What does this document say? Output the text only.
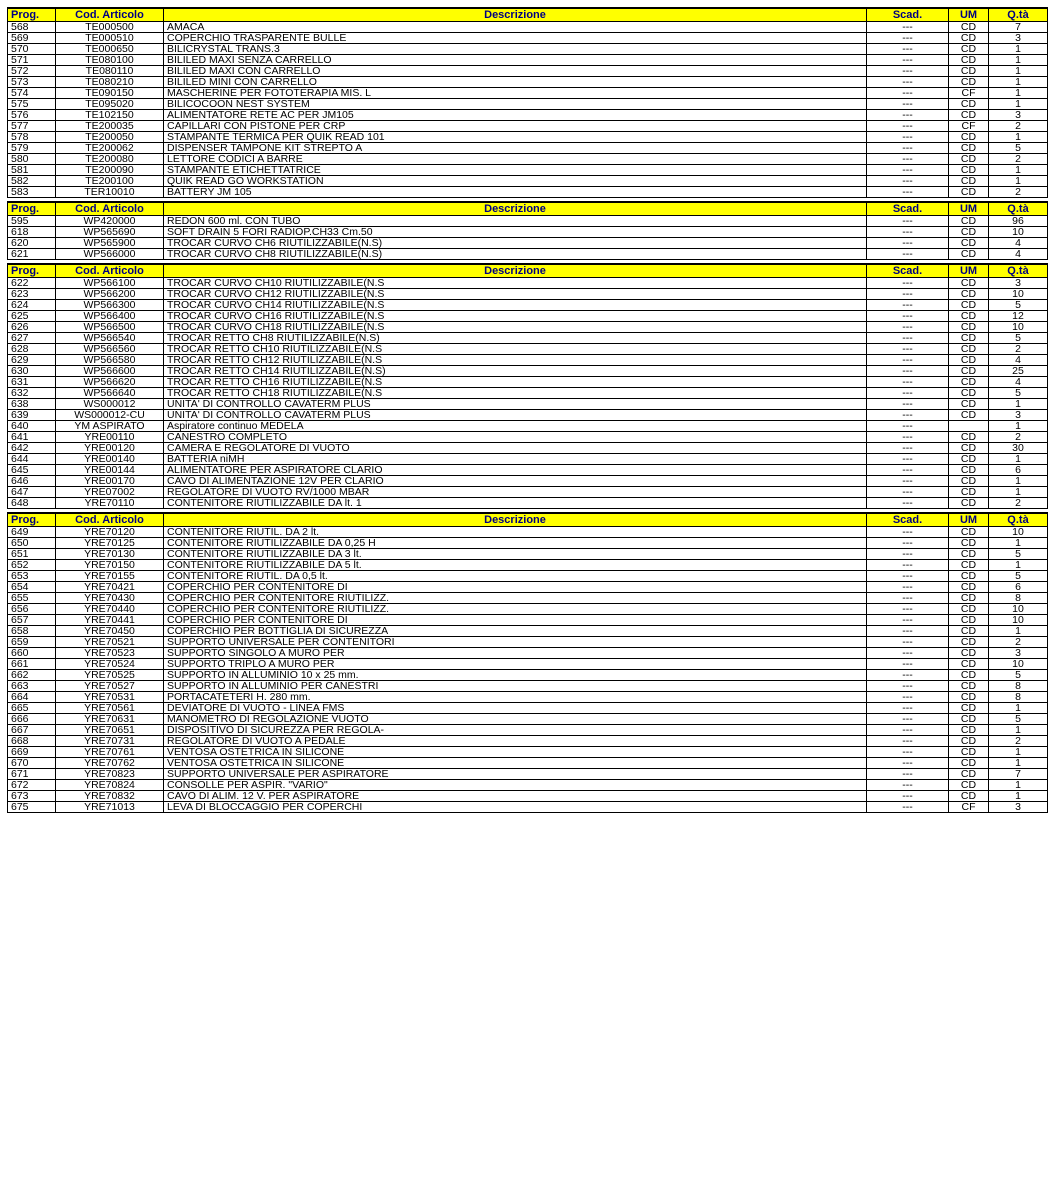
Prog.	Cod. Articolo	Descrizione	Scad.	UM	Q.tà
568	TE000500	AMACA	---	CD	7
569	TE000510	COPERCHIO TRASPARENTE BULLE	---	CD	3
570	TE000650	BILICRYSTAL TRANS.3	---	CD	1
571	TE080100	BILILED MAXI SENZA CARRELLO	---	CD	1
572	TE080110	BILILED MAXI CON CARRELLO	---	CD	1
573	TE080210	BILILED MINI CON CARRELLO	---	CD	1
574	TE090150	MASCHERINE PER FOTOTERAPIA MIS. L	---	CF	1
575	TE095020	BILICOCOON NEST SYSTEM	---	CD	1
576	TE102150	ALIMENTATORE RETE AC PER JM105	---	CD	3
577	TE200035	CAPILLARI CON PISTONE PER CRP	---	CF	2
578	TE200050	STAMPANTE TERMICA PER QUIK READ 101	---	CD	1
579	TE200062	DISPENSER TAMPONE KIT STREPTO A	---	CD	5
580	TE200080	LETTORE CODICI A BARRE	---	CD	2
581	TE200090	STAMPANTE ETICHETTATRICE	---	CD	1
582	TE200100	QUIK READ GO WORKSTATION	---	CD	1
583	TER10010	BATTERY JM 105	---	CD	2
Prog.	Cod. Articolo	Descrizione	Scad.	UM	Q.tà
595	WP420000	REDON 600 ml. CON TUBO	---	CD	96
618	WP565690	SOFT DRAIN 5 FORI RADIOP.CH33 Cm.50	---	CD	10
620	WP565900	TROCAR CURVO CH6 RIUTILIZZABILE(N.S)	---	CD	4
621	WP566000	TROCAR CURVO CH8 RIUTILIZZABILE(N.S)	---	CD	4
Prog.	Cod. Articolo	Descrizione	Scad.	UM	Q.tà
622	WP566100	TROCAR CURVO CH10 RIUTILIZZABILE(N.S	---	CD	3
623	WP566200	TROCAR CURVO CH12 RIUTILIZZABILE(N.S	---	CD	10
624	WP566300	TROCAR CURVO CH14 RIUTILIZZABILE(N.S	---	CD	5
625	WP566400	TROCAR CURVO CH16 RIUTILIZZABILE(N.S	---	CD	12
626	WP566500	TROCAR CURVO CH18 RIUTILIZZABILE(N.S	---	CD	10
627	WP566540	TROCAR RETTO CH8 RIUTILIZZABILE(N.S)	---	CD	5
628	WP566560	TROCAR RETTO CH10 RIUTILIZZABILE(N.S	---	CD	2
629	WP566580	TROCAR RETTO CH12 RIUTILIZZABILE(N.S	---	CD	4
630	WP566600	TROCAR RETTO CH14 RIUTILIZZABILE(N.S)	---	CD	25
631	WP566620	TROCAR RETTO CH16 RIUTILIZZABILE(N.S	---	CD	4
632	WP566640	TROCAR RETTO CH18 RIUTILIZZABILE(N.S	---	CD	5
638	WS000012	UNITA' DI CONTROLLO CAVATERM PLUS	---	CD	1
639	WS000012-CU	UNITA' DI CONTROLLO CAVATERM PLUS	---	CD	3
640	YM ASPIRATO	Aspiratore continuo MEDELA	---		1
641	YRE00110	CANESTRO COMPLETO	---	CD	2
642	YRE00120	CAMERA E REGOLATORE DI VUOTO	---	CD	30
644	YRE00140	BATTERIA niMH	---	CD	1
645	YRE00144	ALIMENTATORE PER ASPIRATORE CLARIO	---	CD	6
646	YRE00170	CAVO DI ALIMENTAZIONE 12V PER CLARIO	---	CD	1
647	YRE07002	REGOLATORE DI VUOTO RV/1000 MBAR	---	CD	1
648	YRE70110	CONTENITORE RIUTILIZZABILE DA lt. 1	---	CD	2
Prog.	Cod. Articolo	Descrizione	Scad.	UM	Q.tà
649	YRE70120	CONTENITORE RIUTIL. DA 2 lt.	---	CD	10
650	YRE70125	CONTENITORE RIUTILIZZABILE DA 0,25 H	---	CD	1
651	YRE70130	CONTENITORE RIUTILIZZABILE DA 3 lt.	---	CD	5
652	YRE70150	CONTENITORE RIUTILIZZABILE DA 5 lt.	---	CD	1
653	YRE70155	CONTENITORE RIUTIL. DA 0,5 lt.	---	CD	5
654	YRE70421	COPERCHIO PER CONTENITORE DI	---	CD	6
655	YRE70430	COPERCHIO PER CONTENITORE RIUTILIZZ.	---	CD	8
656	YRE70440	COPERCHIO PER CONTENITORE RIUTILIZZ.	---	CD	10
657	YRE70441	COPERCHIO PER CONTENITORE DI	---	CD	10
658	YRE70450	COPERCHIO PER BOTTIGLIA DI SICUREZZA	---	CD	1
659	YRE70521	SUPPORTO UNIVERSALE PER CONTENITORI	---	CD	2
660	YRE70523	SUPPORTO SINGOLO A MURO PER	---	CD	3
661	YRE70524	SUPPORTO TRIPLO A MURO PER	---	CD	10
662	YRE70525	SUPPORTO IN ALLUMINIO 10 x 25 mm.	---	CD	5
663	YRE70527	SUPPORTO IN ALLUMINIO PER CANESTRI	---	CD	8
664	YRE70531	PORTACATETERI H. 280 mm.	---	CD	8
665	YRE70561	DEVIATORE DI VUOTO - LINEA FMS	---	CD	1
666	YRE70631	MANOMETRO DI REGOLAZIONE VUOTO	---	CD	5
667	YRE70651	DISPOSITIVO DI SICUREZZA PER REGOLA-	---	CD	1
668	YRE70731	REGOLATORE DI VUOTO A PEDALE	---	CD	2
669	YRE70761	VENTOSA OSTETRICA IN SILICONE	---	CD	1
670	YRE70762	VENTOSA OSTETRICA IN SILICONE	---	CD	1
671	YRE70823	SUPPORTO UNIVERSALE PER ASPIRATORE	---	CD	7
672	YRE70824	CONSOLLE PER ASPIR. "VARIO"	---	CD	1
673	YRE70832	CAVO DI ALIM. 12 V. PER ASPIRATORE	---	CD	1
675	YRE71013	LEVA DI BLOCCAGGIO PER COPERCHI	---	CF	3
